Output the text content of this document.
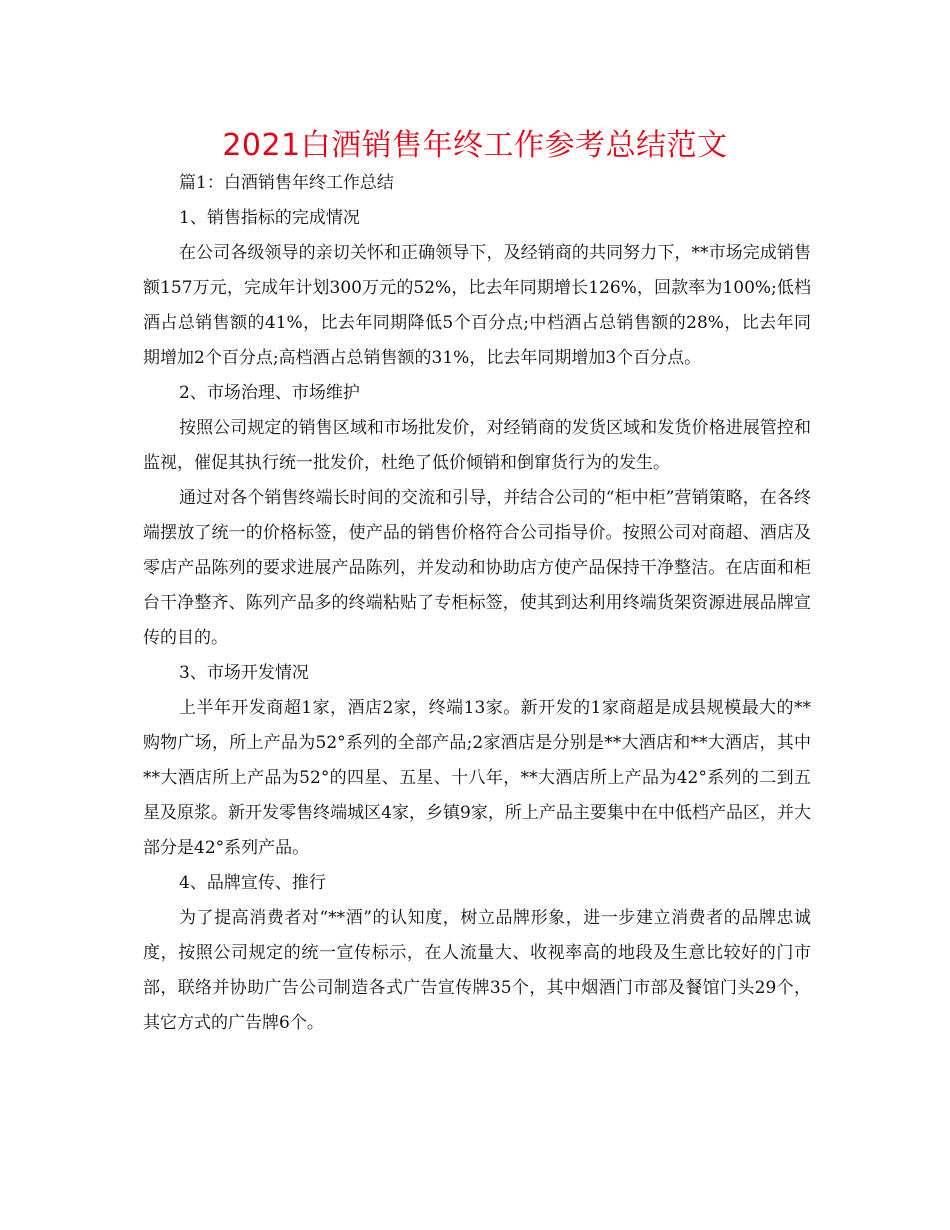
2021白酒销售年终工作参考总结范文

篇1：白酒销售年终工作总结

1、销售指标的完成情况

在公司各级领导的亲切关怀和正确领导下，及经销商的共同努力下，**市场完成销售额157万元，完成年计划300万元的52%，比去年同期增长126%，回款率为100%;低档酒占总销售额的41%，比去年同期降低5个百分点;中档酒占总销售额的28%，比去年同期增加2个百分点;高档酒占总销售额的31%，比去年同期增加3个百分点。

2、市场治理、市场维护

按照公司规定的销售区域和市场批发价，对经销商的发货区域和发货价格进展管控和监视，催促其执行统一批发价，杜绝了低价倾销和倒窜货行为的发生。

通过对各个销售终端长时间的交流和引导，并结合公司的“柜中柜”营销策略，在各终端摆放了统一的价格标签，使产品的销售价格符合公司指导价。按照公司对商超、酒店及零店产品陈列的要求进展产品陈列，并发动和协助店方使产品保持干净整洁。在店面和柜台干净整齐、陈列产品多的终端粘贴了专柜标签，使其到达利用终端货架资源进展品牌宣传的目的。

3、市场开发情况

上半年开发商超1家，酒店2家，终端13家。新开发的1家商超是成县规模最大的**购物广场，所上产品为52°系列的全部产品;2家酒店是分别是**大酒店和**大酒店，其中**大酒店所上产品为52°的四星、五星、十八年，**大酒店所上产品为42°系列的二到五星及原浆。新开发零售终端城区4家，乡镇9家，所上产品主要集中在中低档产品区，并大部分是42°系列产品。

4、品牌宣传、推行

为了提高消费者对“**酒”的认知度，树立品牌形象，进一步建立消费者的品牌忠诚度，按照公司规定的统一宣传标示，在人流量大、收视率高的地段及生意比较好的门市部，联络并协助广告公司制造各式广告宣传牌35个，其中烟酒门市部及餐馆门头29个，其它方式的广告牌6个。
